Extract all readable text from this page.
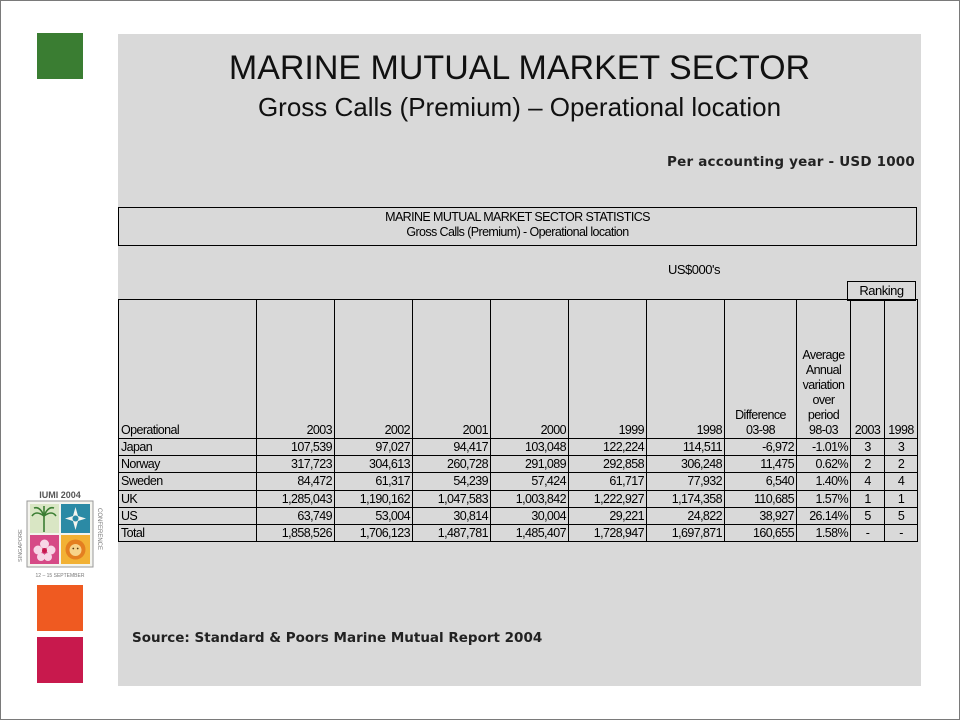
IUMI 2004
12 – 15 SEPTEMBER
CONFERENCE
SINGAPORE
MARINE MUTUAL MARKET SECTOR
Gross Calls (Premium) – Operational location
Per accounting year - USD 1000
MARINE MUTUAL MARKET SECTOR STATISTICS
Gross Calls (Premium) - Operational location
US$000's
Ranking
Operational	2003	2002	2001	2000	1999	1998	Difference 03-98	Average Annual variation over period 98-03	2003	1998
Japan	107,539	97,027	94,417	103,048	122,224	114,511	-6,972	-1.01%	3	3
Norway	317,723	304,613	260,728	291,089	292,858	306,248	11,475	0.62%	2	2
Sweden	84,472	61,317	54,239	57,424	61,717	77,932	6,540	1.40%	4	4
UK	1,285,043	1,190,162	1,047,583	1,003,842	1,222,927	1,174,358	110,685	1.57%	1	1
US	63,749	53,004	30,814	30,004	29,221	24,822	38,927	26.14%	5	5
Total	1,858,526	1,706,123	1,487,781	1,485,407	1,728,947	1,697,871	160,655	1.58%	-	-
Source: Standard & Poors Marine Mutual Report 2004
